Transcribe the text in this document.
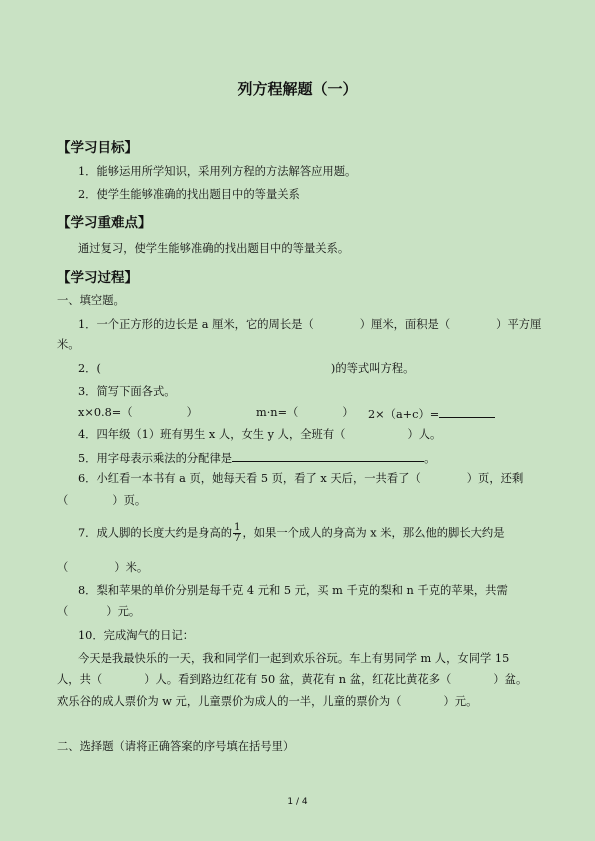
列方程解题（一）
【学习目标】
1．能够运用所学知识，采用列方程的方法解答应用题。
2．使学生能够准确的找出题目中的等量关系
【学习重难点】
通过复习，使学生能够准确的找出题目中的等量关系。
【学习过程】
一、填空题。
1．一个正方形的边长是 a 厘米，它的周长是（	）厘米，面积是（	）平方厘
米。
2．(	)的等式叫方程。
3．简写下面各式。
x×0.8=（	）	m·n=（	） 2×（a+c）=
4．四年级（1）班有男生 x 人，女生 y 人，全班有（	）人。
5．用字母表示乘法的分配律是	。
6．小红看一本书有 a 页，她每天看 5 页，看了 x 天后，一共看了（	）页，还剩
（	）页。
7．成人脚的长度大约是身高的 $\frac{1}{7}$ ，如果一个成人的身高为 x 米，那么他的脚长大约是
（	）米。
8．梨和苹果的单价分别是每千克 4 元和 5 元，买 m 千克的梨和 n 千克的苹果，共需
（	）元。
10．完成淘气的日记：
今天是我最快乐的一天，我和同学们一起到欢乐谷玩。车上有男同学 m 人，女同学 15
人，共（	）人。看到路边红花有 50 盆，黄花有 n 盆，红花比黄花多（	）盆。
欢乐谷的成人票价为 w 元，儿童票价为成人的一半，儿童的票价为（	）元。
二、选择题（请将正确答案的序号填在括号里）
1 / 4
